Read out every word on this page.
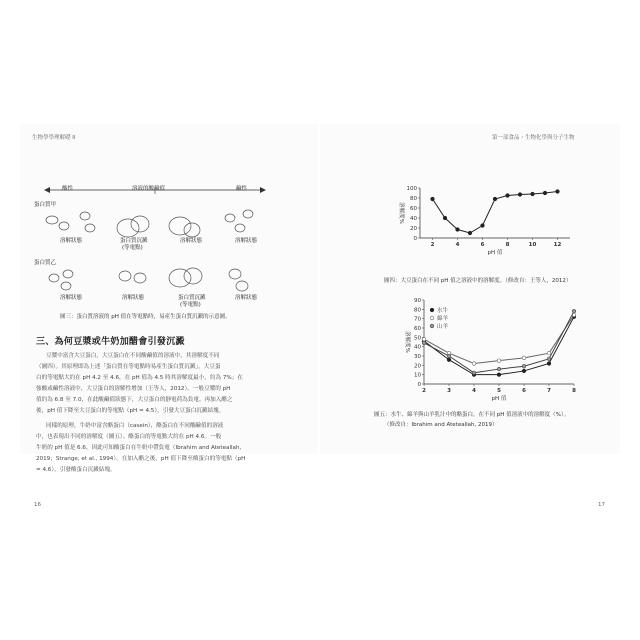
生物學學理解礎 II	第一部食品・生物化學與分子生物
酸性	溶液的酸鹼值	鹼性
蛋白質甲
蛋白質乙
溶解狀態	蛋白質沉澱
(等電點)
溶解狀態	溶解狀態
溶解狀態	溶解狀態	蛋白質沉澱
(等電點)
溶解狀態
圖三：蛋白質溶液的 pH 值在等電點時，易產生蛋白質沉澱的示意圖。
三、為何豆漿或牛奶加醋會引發沉澱
豆漿中富含大豆蛋白，大豆蛋白在不同酸鹼值的溶液中，其溶解度不同
（圖四）。其原理即為上述「蛋白質在等電點時易產生蛋白質沉澱」。大豆蛋
白的等電點大約在 pH 4.2 至 4.6，在 pH 值為 4.5 時其溶解度最小，約為 7%；在
強酸或鹼性溶液中，大豆蛋白的溶解性增加（王等人，2012）。一般豆漿的 pH
值約為 6.8 至 7.0，在此酸鹼值狀態下，大豆蛋白的靜電荷為負電。再加入醋之
後，pH 值下降至大豆蛋白的等電點（pH = 4.5），引發大豆蛋白沉澱結塊。
同樣的原理，牛奶中富含酪蛋白（casein），酪蛋白在不同酸鹼值的溶液
中，也表現出不同的溶解度（圖五）。酪蛋白的等電點大約在 pH 4.6。一般
牛奶的 pH 值是 6.6，因此可知酪蛋白在牛奶中帶負電（Ibrahim and Ateteallah,
2019；Strange, et al., 1994）。在加入醋之後，pH 值下降至酪蛋白的等電點（pH
= 4.6），引發酪蛋白沉澱結塊。
16	17
0
20
40
60
80
100
2	4	6	8	10	12
pH 值
溶解度%
圖四：大豆蛋白在不同 pH 值之溶液中的溶解度。（修改自：王等人，2012）
0
10
20
30
40
50
60
70
80
90
2	3	4	5	6	7	8
pH 值
溶解度%
水牛
綿羊
山羊
圖五：水牛、綿羊與山羊乳汁中的酪蛋白，在不同 pH 值溶液中的溶解度（%）。
（修改自：Ibrahim and Ateteallah, 2019）
